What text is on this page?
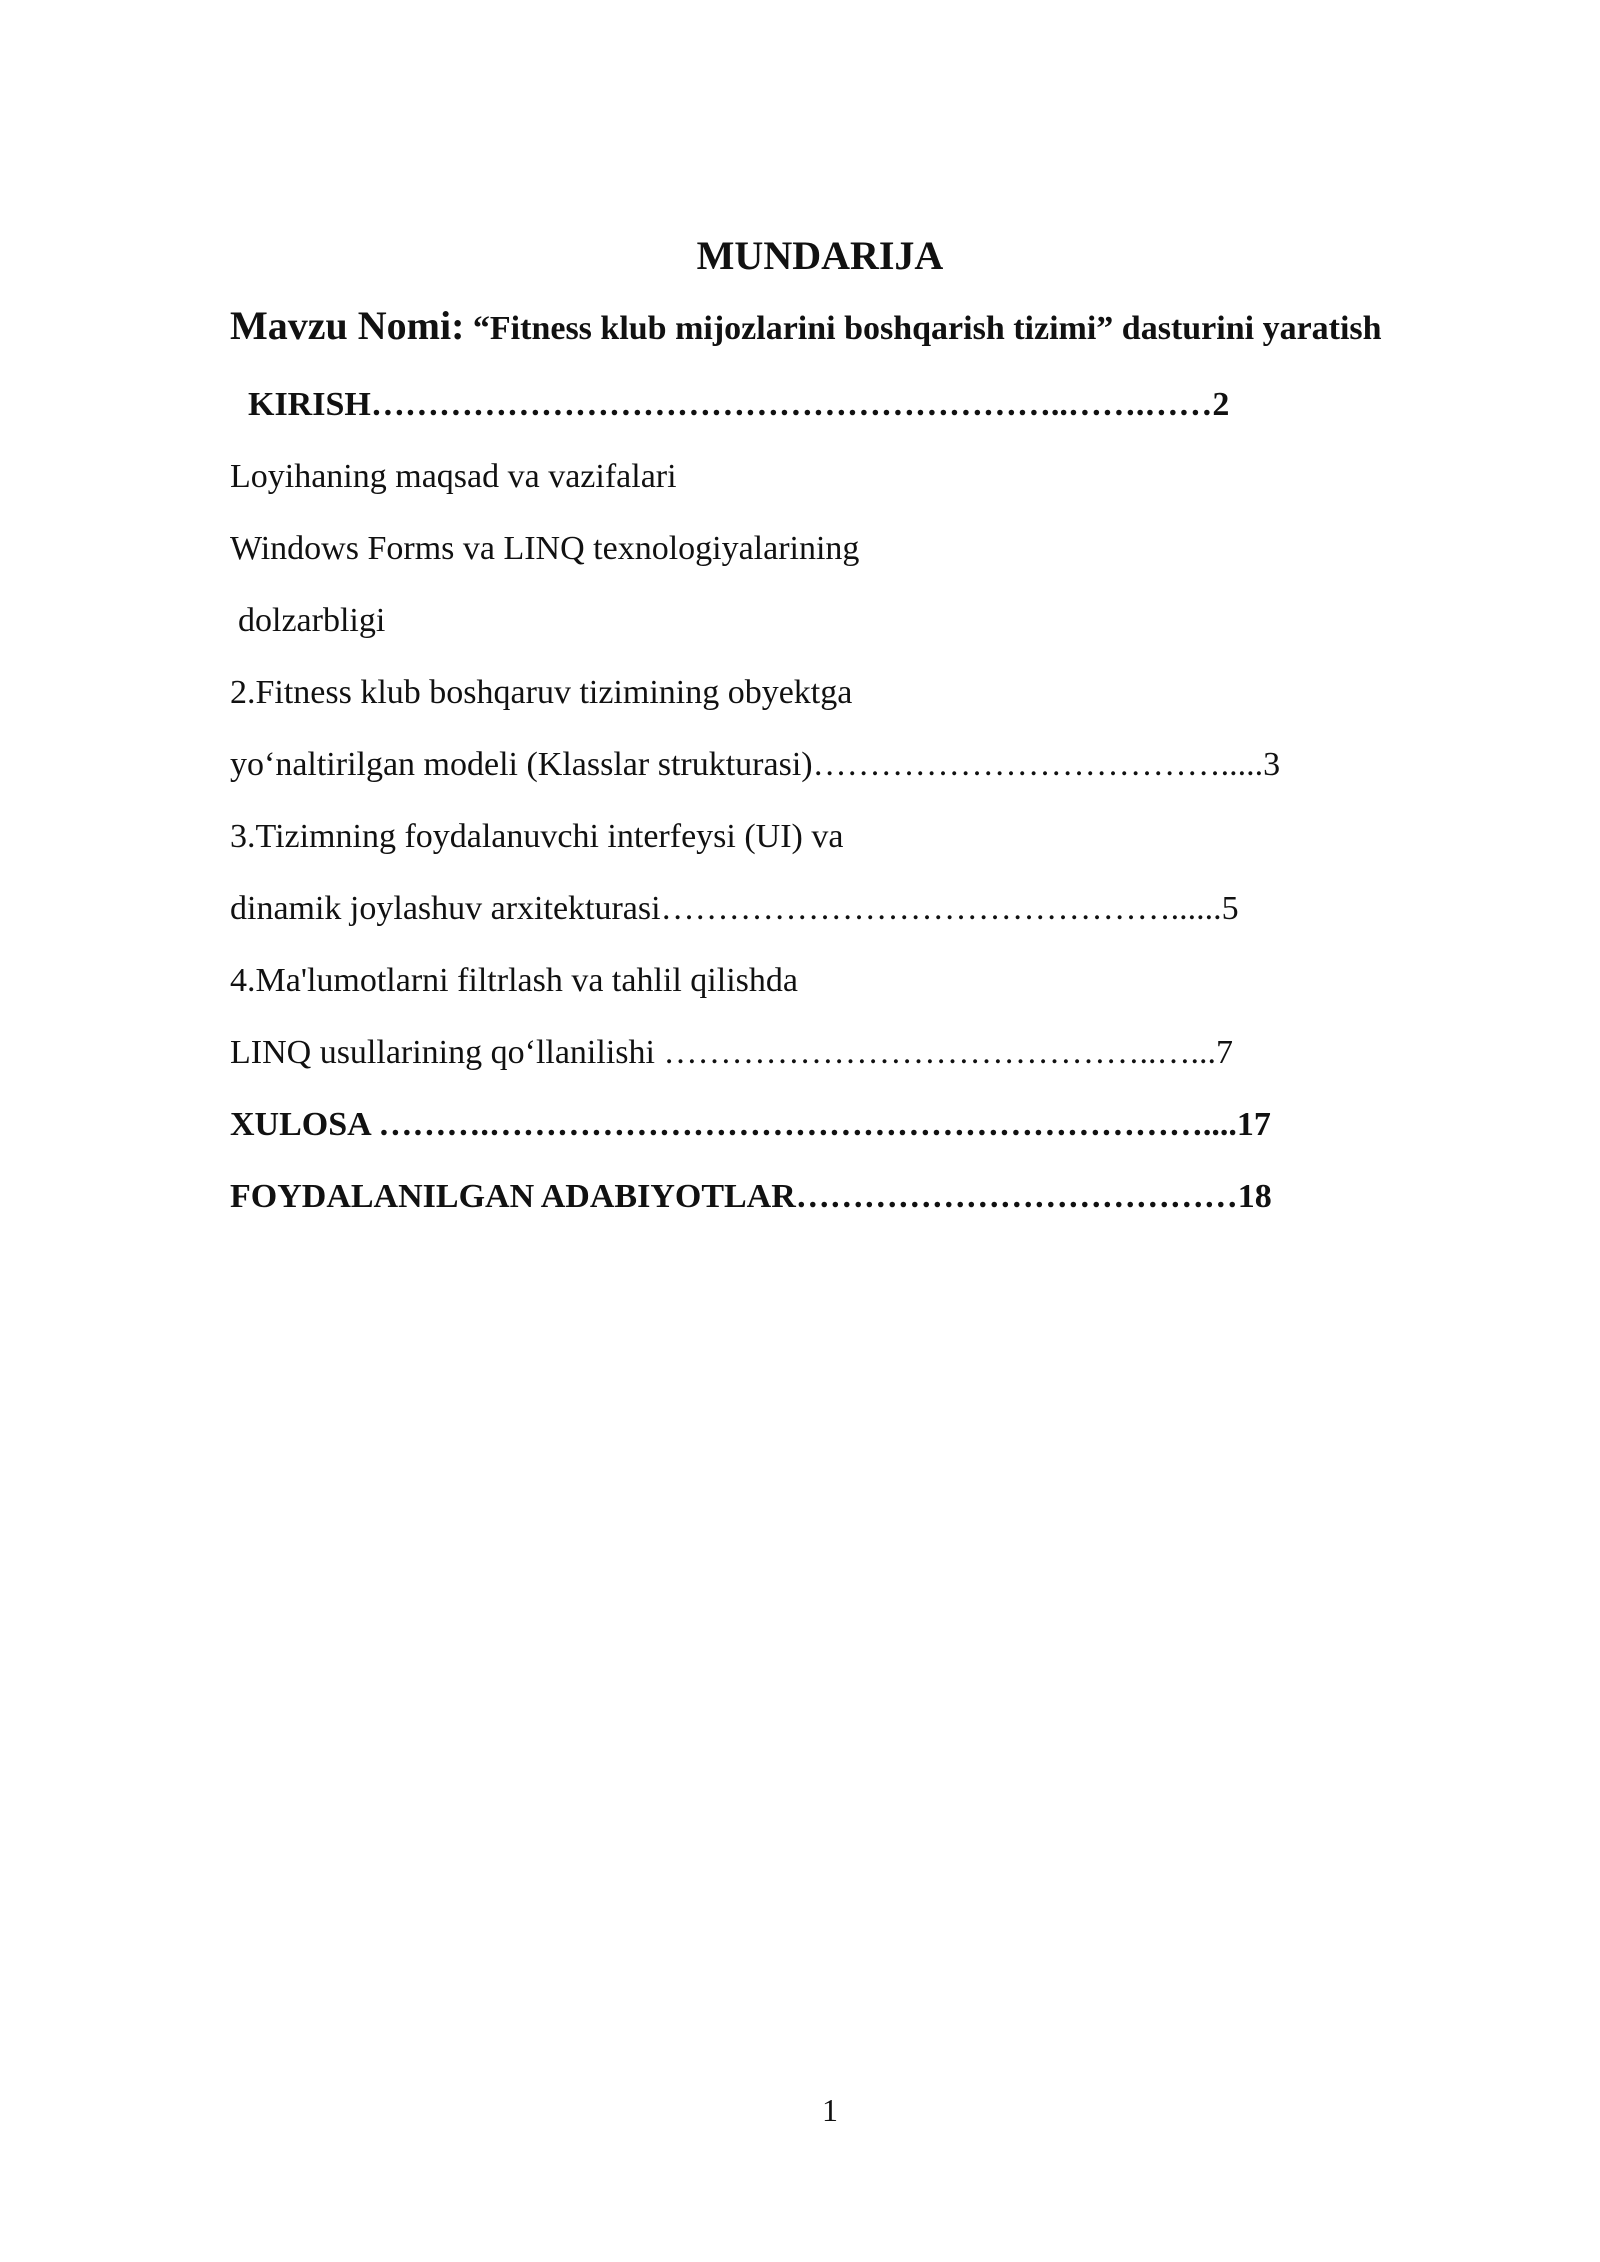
MUNDARIJA
Mavzu Nomi: “Fitness klub mijozlarini boshqarish tizimi” dasturini yaratish
KIRISH……………………………………………………..…….……2
Loyihaning maqsad va vazifalari
Windows Forms va LINQ texnologiyalarining
dolzarbligi
2.Fitness klub boshqaruv tizimining obyektga
yo‘naltirilgan modeli (Klasslar strukturasi)……………………………….....3
3.Tizimning foydalanuvchi interfeysi (UI) va
dinamik joylashuv arxitekturasi………………………………………......5
4.Ma'lumotlarni filtrlash va tahlil qilishda
LINQ usullarining qo‘llanilishi ……………………………………..…...7
XULOSA ……….………………………………………………………....17
FOYDALANILGAN ADABIYOTLAR…………………………………18
1
